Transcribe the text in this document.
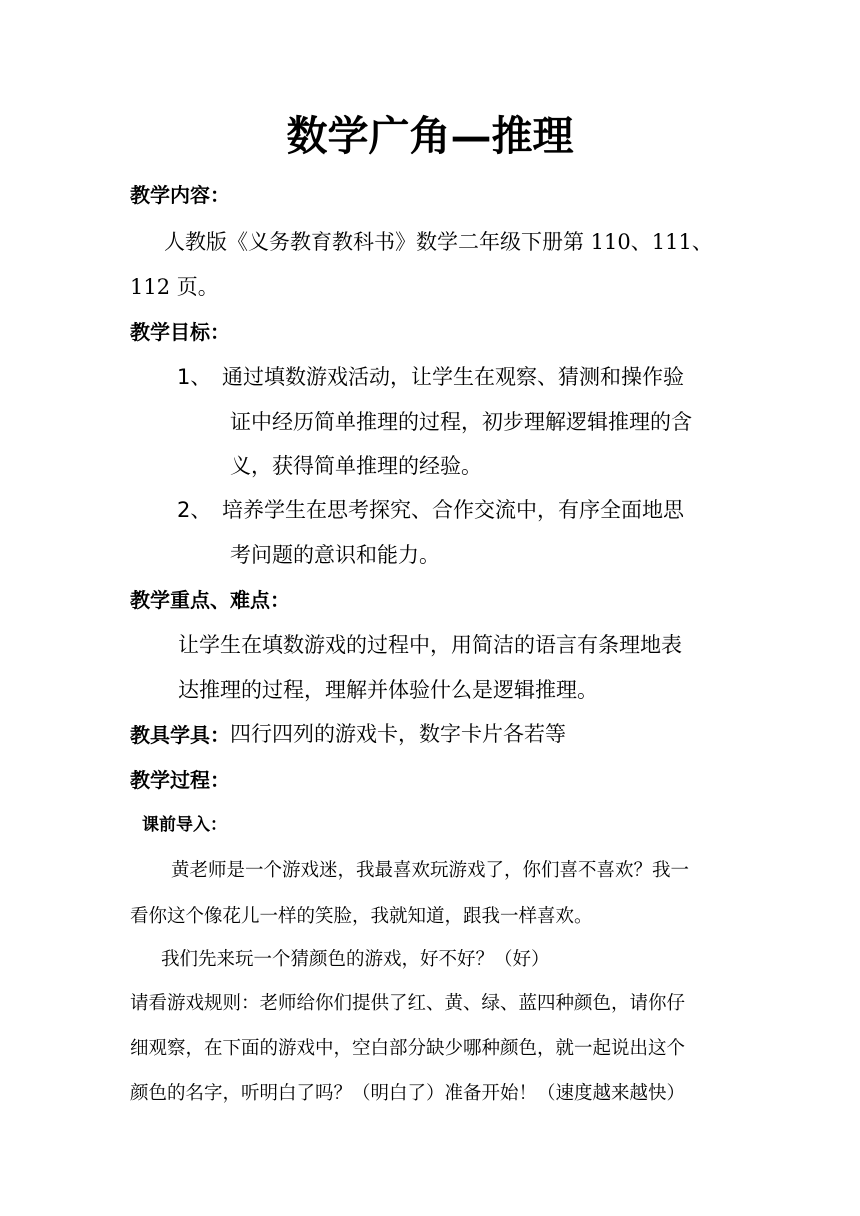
数学广角—推理
教学内容：
人教版《义务教育教科书》数学二年级下册第 110、111、
112 页。
教学目标：
1、 通过填数游戏活动，让学生在观察、猜测和操作验
证中经历简单推理的过程，初步理解逻辑推理的含
义，获得简单推理的经验。
2、 培养学生在思考探究、合作交流中，有序全面地思
考问题的意识和能力。
教学重点、难点：
让学生在填数游戏的过程中，用简洁的语言有条理地表
达推理的过程，理解并体验什么是逻辑推理。
教具学具： 四行四列的游戏卡，数字卡片各若等
教学过程：
课前导入：
黄老师是一个游戏迷，我最喜欢玩游戏了，你们喜不喜欢？我一
看你这个像花儿一样的笑脸，我就知道，跟我一样喜欢。
我们先来玩一个猜颜色的游戏，好不好？（好）
请看游戏规则：老师给你们提供了红、黄、绿、蓝四种颜色，请你仔
细观察，在下面的游戏中，空白部分缺少哪种颜色，就一起说出这个
颜色的名字，听明白了吗？（明白了）准备开始！（速度越来越快）
